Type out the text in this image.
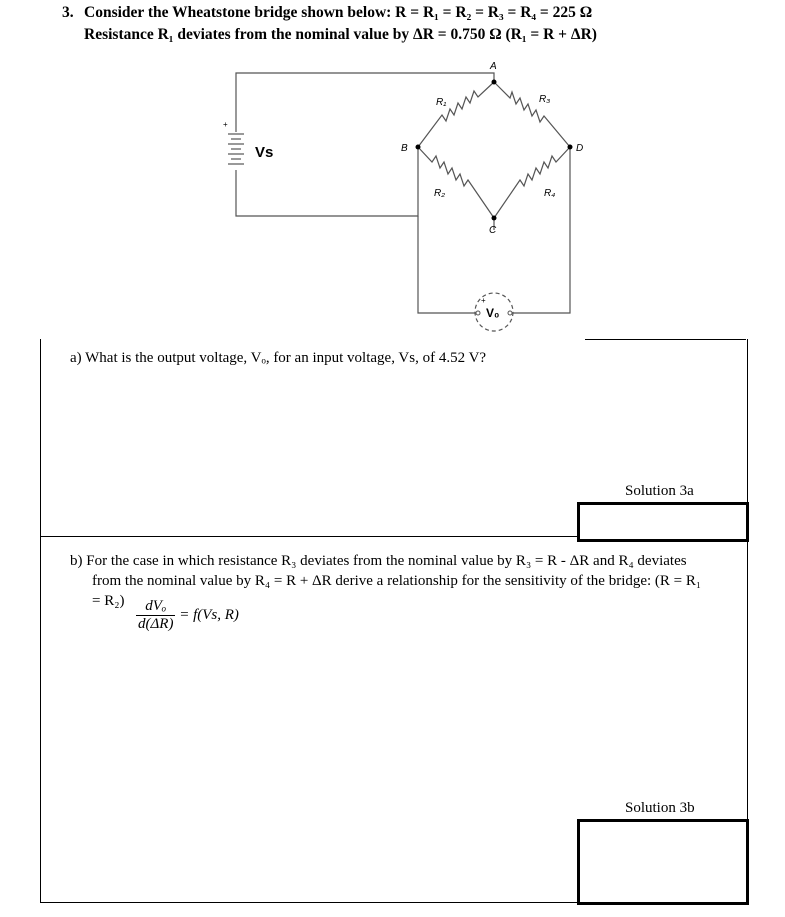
3. Consider the Wheatstone bridge shown below: R = R₁ = R₂ = R₃ = R₄ = 225 Ω
Resistance R₁ deviates from the nominal value by ΔR = 0.750 Ω (R₁ = R + ΔR)
A
B
C
D
R₁	R₃
R₂	R₄
Vs
+
V₀
+
a) What is the output voltage, Vₒ, for an input voltage, Vs, of 4.52 V?
Solution 3a
b) For the case in which resistance R₃ deviates from the nominal value by R₃ = R - ΔR and R₄ deviates
from the nominal value by R₄ = R + ΔR derive a relationship for the sensitivity of the bridge: (R = R₁
= R₂)	dVₒ
d(ΔR)
= f(Vs, R)
Solution 3b
